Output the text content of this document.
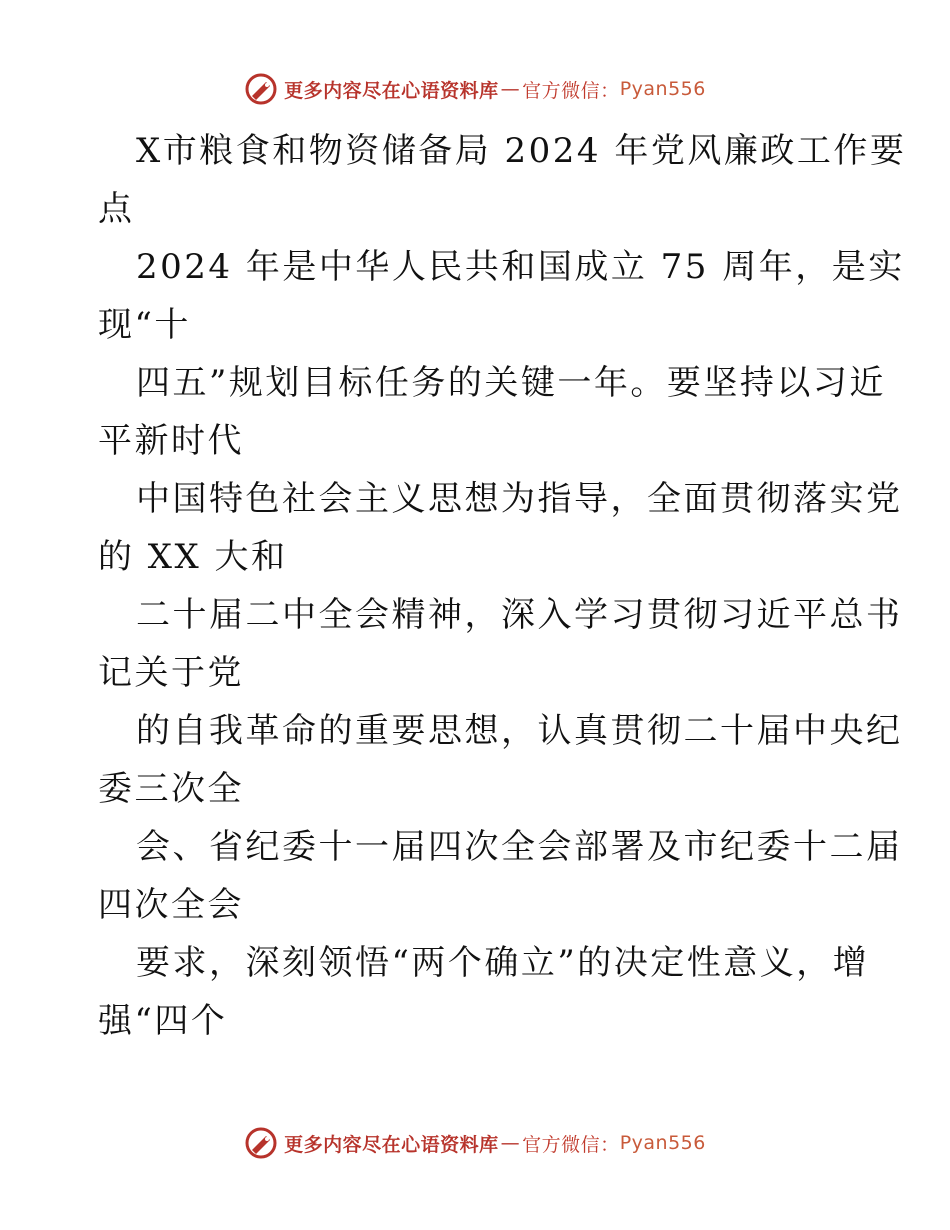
更多内容尽在心语资料库 — 官方微信： Pyan556
X市粮食和物资储备局 2024 年党风廉政工作要
点
2024 年是中华人民共和国成立 75 周年，是实
现“十
四五”规划目标任务的关键一年。要坚持以习近
平新时代
中国特色社会主义思想为指导，全面贯彻落实党
的 XX 大和
二十届二中全会精神，深入学习贯彻习近平总书
记关于党
的自我革命的重要思想，认真贯彻二十届中央纪
委三次全
会、省纪委十一届四次全会部署及市纪委十二届
四次全会
要求，深刻领悟“两个确立”的决定性意义，增
强“四个
更多内容尽在心语资料库 — 官方微信： Pyan556
